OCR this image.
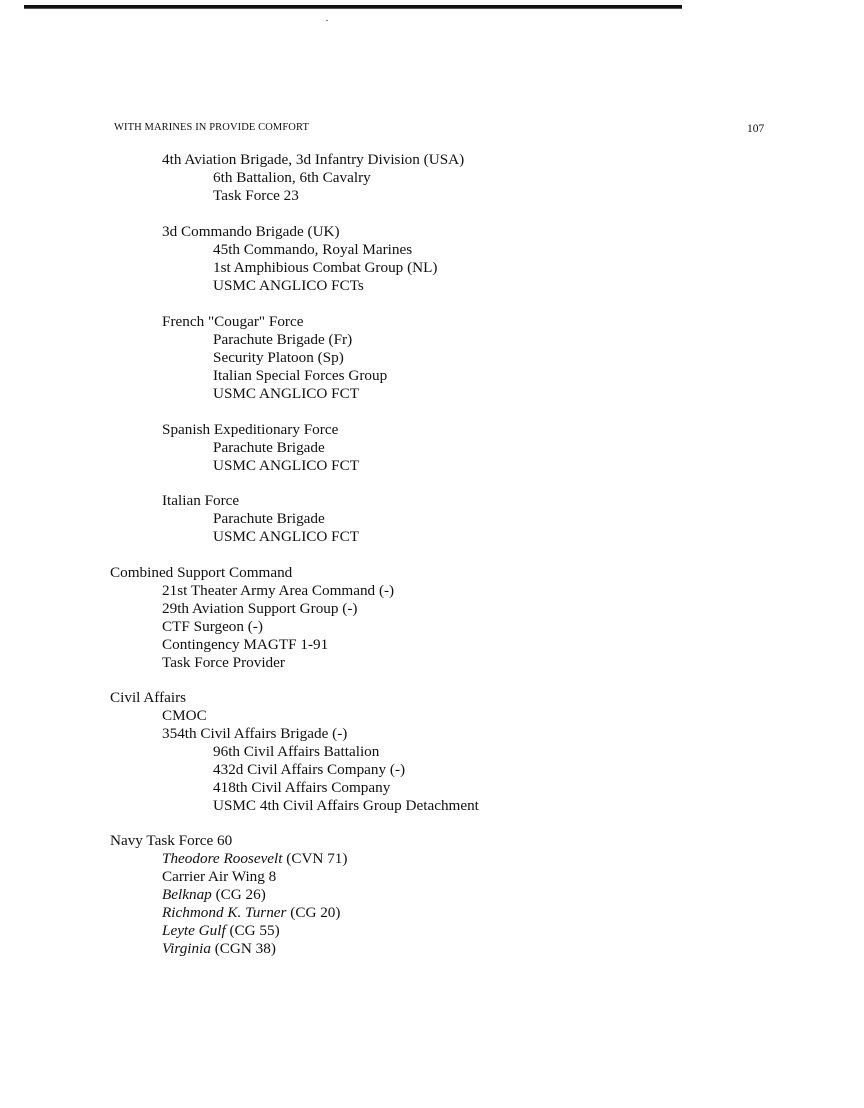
WITH MARINES IN PROVIDE COMFORT	107
4th Aviation Brigade, 3d Infantry Division (USA)
6th Battalion, 6th Cavalry
Task Force 23
3d Commando Brigade (UK)
45th Commando, Royal Marines
1st Amphibious Combat Group (NL)
USMC ANGLICO FCTs
French "Cougar" Force
Parachute Brigade (Fr)
Security Platoon (Sp)
Italian Special Forces Group
USMC ANGLICO FCT
Spanish Expeditionary Force
Parachute Brigade
USMC ANGLICO FCT
Italian Force
Parachute Brigade
USMC ANGLICO FCT
Combined Support Command
21st Theater Army Area Command (-)
29th Aviation Support Group (-)
CTF Surgeon (-)
Contingency MAGTF 1-91
Task Force Provider
Civil Affairs
CMOC
354th Civil Affairs Brigade (-)
96th Civil Affairs Battalion
432d Civil Affairs Company (-)
418th Civil Affairs Company
USMC 4th Civil Affairs Group Detachment
Navy Task Force 60
Theodore Roosevelt (CVN 71)
Carrier Air Wing 8
Belknap (CG 26)
Richmond K. Turner (CG 20)
Leyte Gulf (CG 55)
Virginia (CGN 38)
